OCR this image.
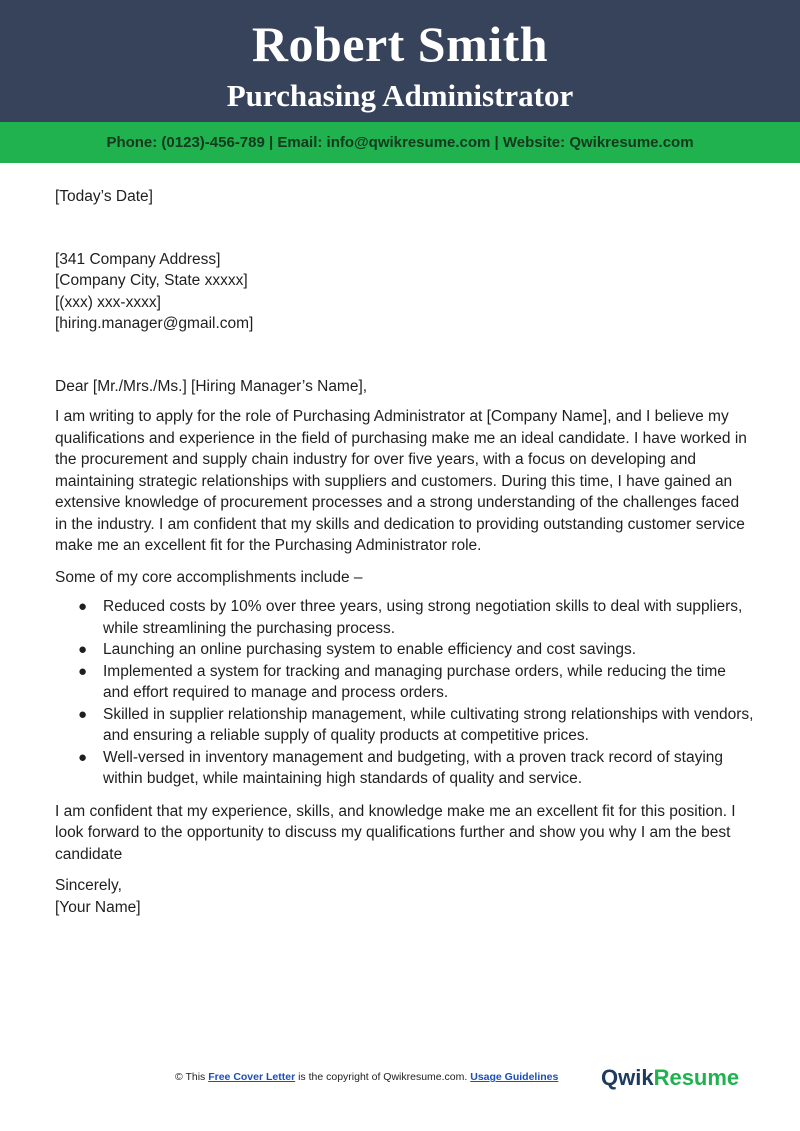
Robert Smith
Purchasing Administrator
Phone: (0123)-456-789 | Email: info@qwikresume.com | Website: Qwikresume.com

[Today’s Date]

[341 Company Address]

[Company City, State xxxxx]

[(xxx) xxx-xxxx]

[hiring.manager@gmail.com]

Dear [Mr./Mrs./Ms.] [Hiring Manager’s Name],

I am writing to apply for the role of Purchasing Administrator at [Company Name], and I believe my qualifications and experience in the field of purchasing make me an ideal candidate. I have worked in the procurement and supply chain industry for over five years, with a focus on developing and maintaining strategic relationships with suppliers and customers. During this time, I have gained an extensive knowledge of procurement processes and a strong understanding of the challenges faced in the industry. I am confident that my skills and dedication to providing outstanding customer service make me an excellent fit for the Purchasing Administrator role.

Some of my core accomplishments include –

● Reduced costs by 10% over three years, using strong negotiation skills to deal with suppliers, while streamlining the purchasing process.
● Launching an online purchasing system to enable efficiency and cost savings.
● Implemented a system for tracking and managing purchase orders, while reducing the time and effort required to manage and process orders.
● Skilled in supplier relationship management, while cultivating strong relationships with vendors, and ensuring a reliable supply of quality products at competitive prices.
● Well-versed in inventory management and budgeting, with a proven track record of staying within budget, while maintaining high standards of quality and service.

I am confident that my experience, skills, and knowledge make me an excellent fit for this position. I look forward to the opportunity to discuss my qualifications further and show you why I am the best candidate

Sincerely,

[Your Name]

© This Free Cover Letter is the copyright of Qwikresume.com. Usage Guidelines QwikResume
